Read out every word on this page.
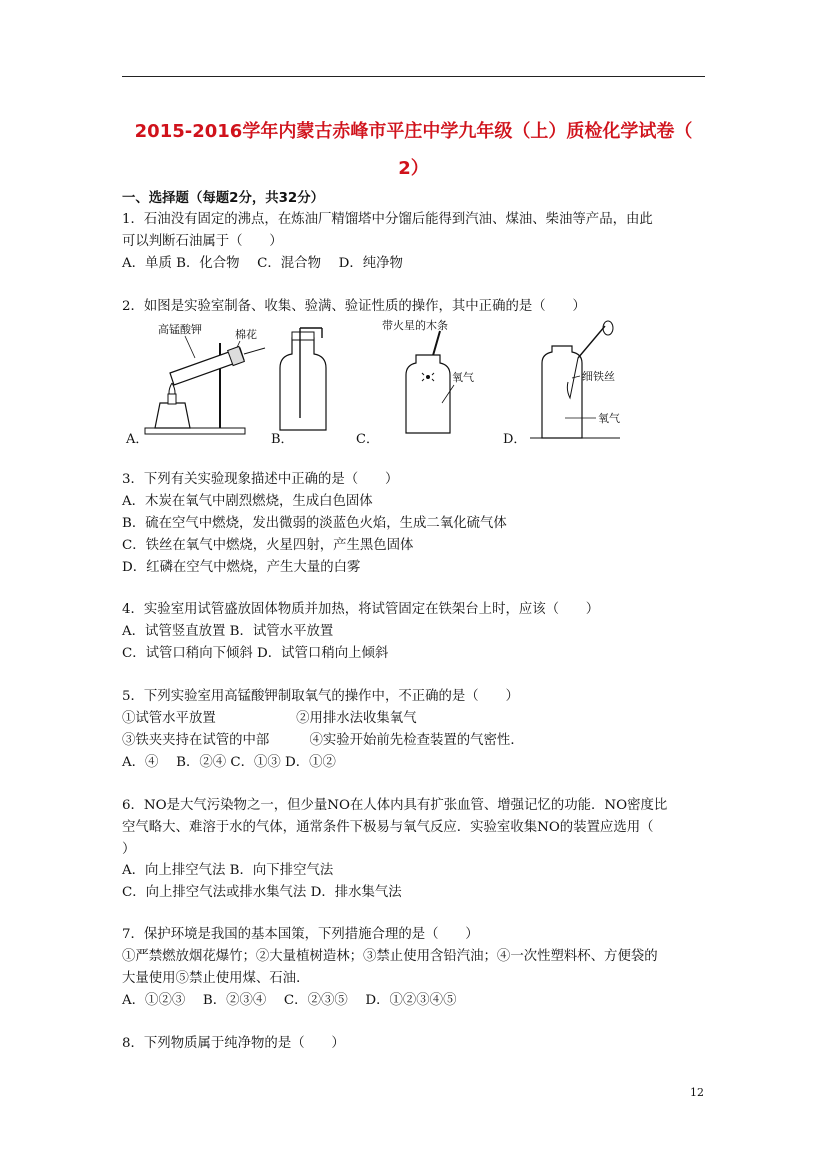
2015-2016学年内蒙古赤峰市平庄中学九年级（上）质检化学试卷（
2）
一、选择题（每题2分，共32分）
1．石油没有固定的沸点，在炼油厂精馏塔中分馏后能得到汽油、煤油、柴油等产品，由此
可以判断石油属于（　　）
A．单质 B．化合物　 C．混合物　 D．纯净物
2．如图是实验室制备、收集、验满、验证性质的操作，其中正确的是（　　）
高锰酸钾	棉花
A．	B．
带火星的木条
氧气
C．
细铁丝
氧气
D．
3．下列有关实验现象描述中正确的是（　　）
A．木炭在氧气中剧烈燃烧，生成白色固体
B．硫在空气中燃烧，发出微弱的淡蓝色火焰，生成二氧化硫气体
C．铁丝在氧气中燃烧，火星四射，产生黑色固体
D．红磷在空气中燃烧，产生大量的白雾
4．实验室用试管盛放固体物质并加热，将试管固定在铁架台上时，应该（　　）
A．试管竖直放置 B．试管水平放置
C．试管口稍向下倾斜 D．试管口稍向上倾斜
5．下列实验室用高锰酸钾制取氧气的操作中，不正确的是（　　）
①试管水平放置　　　　　　②用排水法收集氧气
③铁夹夹持在试管的中部　　　④实验开始前先检查装置的气密性．
A．④　 B．②④ C．①③ D．①②
6．NO是大气污染物之一，但少量NO在人体内具有扩张血管、增强记忆的功能．NO密度比
空气略大、难溶于水的气体，通常条件下极易与氧气反应．实验室收集NO的装置应选用（
）
A．向上排空气法 B．向下排空气法
C．向上排空气法或排水集气法 D．排水集气法
7．保护环境是我国的基本国策，下列措施合理的是（　　）
①严禁燃放烟花爆竹；②大量植树造林；③禁止使用含铅汽油；④一次性塑料杯、方便袋的
大量使用⑤禁止使用煤、石油．
A．①②③　 B．②③④　 C．②③⑤　 D．①②③④⑤
8．下列物质属于纯净物的是（　　）
12
